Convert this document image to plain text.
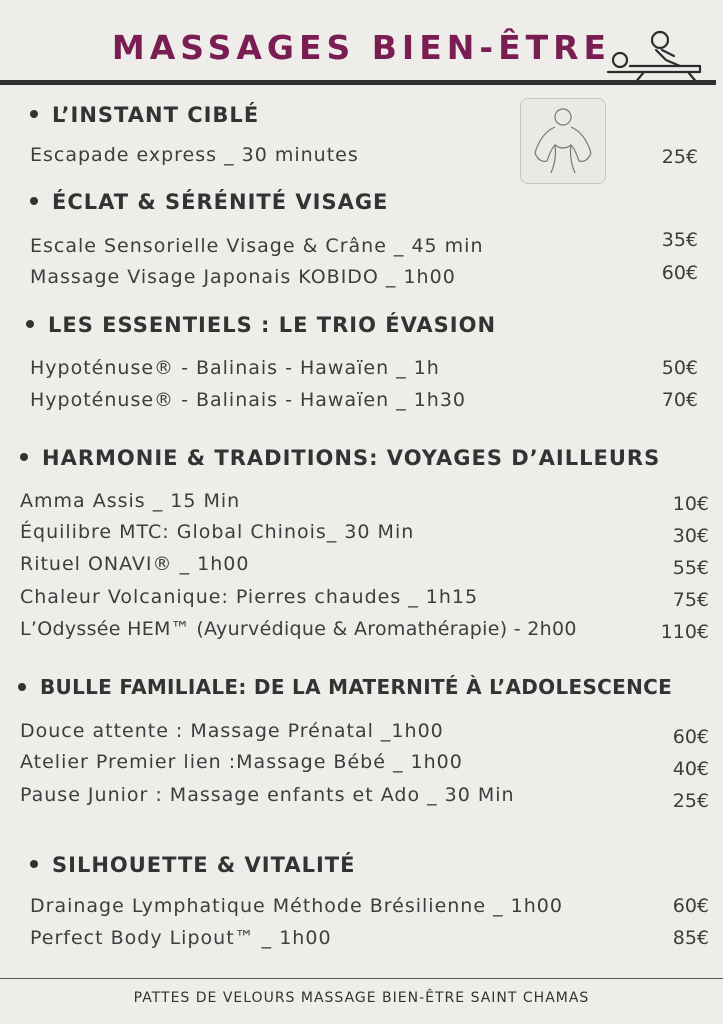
MASSAGES BIEN-ÊTRE
L’INSTANT CIBLÉ
Escapade express _ 30 minutes	25€
ÉCLAT & SÉRÉNITÉ VISAGE
Escale Sensorielle Visage & Crâne _ 45 min	35€
Massage Visage Japonais KOBIDO _ 1h00	60€
LES ESSENTIELS : LE TRIO ÉVASION
Hypoténuse® - Balinais - Hawaïen _ 1h	50€
Hypoténuse® - Balinais - Hawaïen _ 1h30	70€
HARMONIE & TRADITIONS: VOYAGES D’AILLEURS
Amma Assis _ 15 Min	10€
Équilibre MTC: Global Chinois_ 30 Min	30€
Rituel ONAVI® _ 1h00	55€
Chaleur Volcanique: Pierres chaudes _ 1h15	75€
L’Odyssée HEM™ (Ayurvédique & Aromathérapie) - 2h00	110€
BULLE FAMILIALE: DE LA MATERNITÉ À L’ADOLESCENCE
Douce attente : Massage Prénatal _1h00	60€
Atelier Premier lien :Massage Bébé _ 1h00	40€
Pause Junior : Massage enfants et Ado _ 30 Min	25€
SILHOUETTE & VITALITÉ
Drainage Lymphatique Méthode Brésilienne _ 1h00	60€
Perfect Body Lipout™ _ 1h00	85€
PATTES DE VELOURS MASSAGE BIEN-ÊTRE SAINT CHAMAS
